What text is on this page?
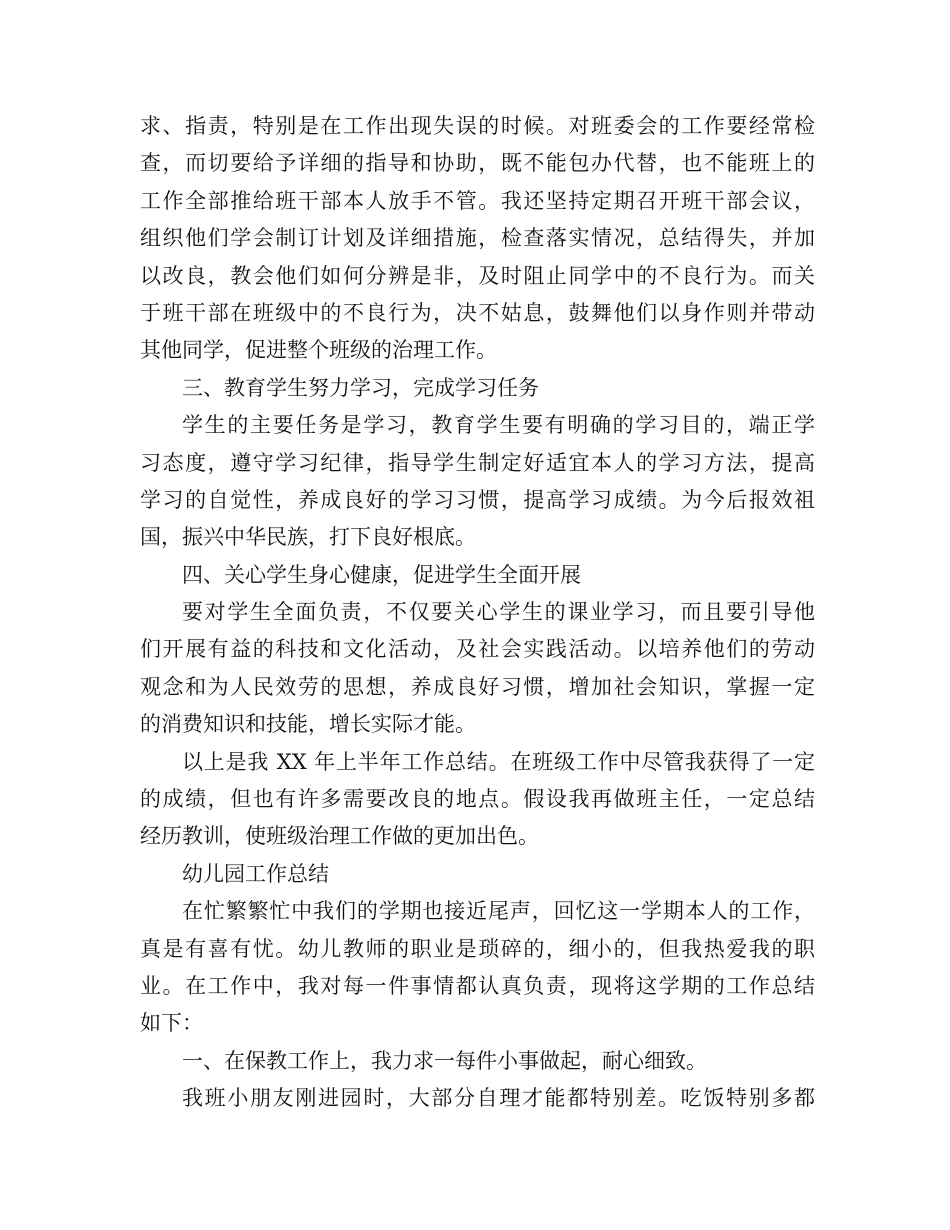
求、指责，特别是在工作出现失误的时候。对班委会的工作要经常检
查，而切要给予详细的指导和协助，既不能包办代替，也不能班上的
工作全部推给班干部本人放手不管。我还坚持定期召开班干部会议，
组织他们学会制订计划及详细措施，检查落实情况，总结得失，并加
以改良，教会他们如何分辨是非，及时阻止同学中的不良行为。而关
于班干部在班级中的不良行为，决不姑息，鼓舞他们以身作则并带动
其他同学，促进整个班级的治理工作。
三、教育学生努力学习，完成学习任务
学生的主要任务是学习，教育学生要有明确的学习目的，端正学
习态度，遵守学习纪律，指导学生制定好适宜本人的学习方法，提高
学习的自觉性，养成良好的学习习惯，提高学习成绩。为今后报效祖
国，振兴中华民族，打下良好根底。
四、关心学生身心健康，促进学生全面开展
要对学生全面负责，不仅要关心学生的课业学习，而且要引导他
们开展有益的科技和文化活动，及社会实践活动。以培养他们的劳动
观念和为人民效劳的思想，养成良好习惯，增加社会知识，掌握一定
的消费知识和技能，增长实际才能。
以上是我 XX 年上半年工作总结。在班级工作中尽管我获得了一定
的成绩，但也有许多需要改良的地点。假设我再做班主任，一定总结
经历教训，使班级治理工作做的更加出色。
幼儿园工作总结
在忙繁繁忙中我们的学期也接近尾声，回忆这一学期本人的工作，
真是有喜有忧。幼儿教师的职业是琐碎的，细小的，但我热爱我的职
业。在工作中，我对每一件事情都认真负责，现将这学期的工作总结
如下：
一、在保教工作上，我力求一每件小事做起，耐心细致。
我班小朋友刚进园时，大部分自理才能都特别差。吃饭特别多都
